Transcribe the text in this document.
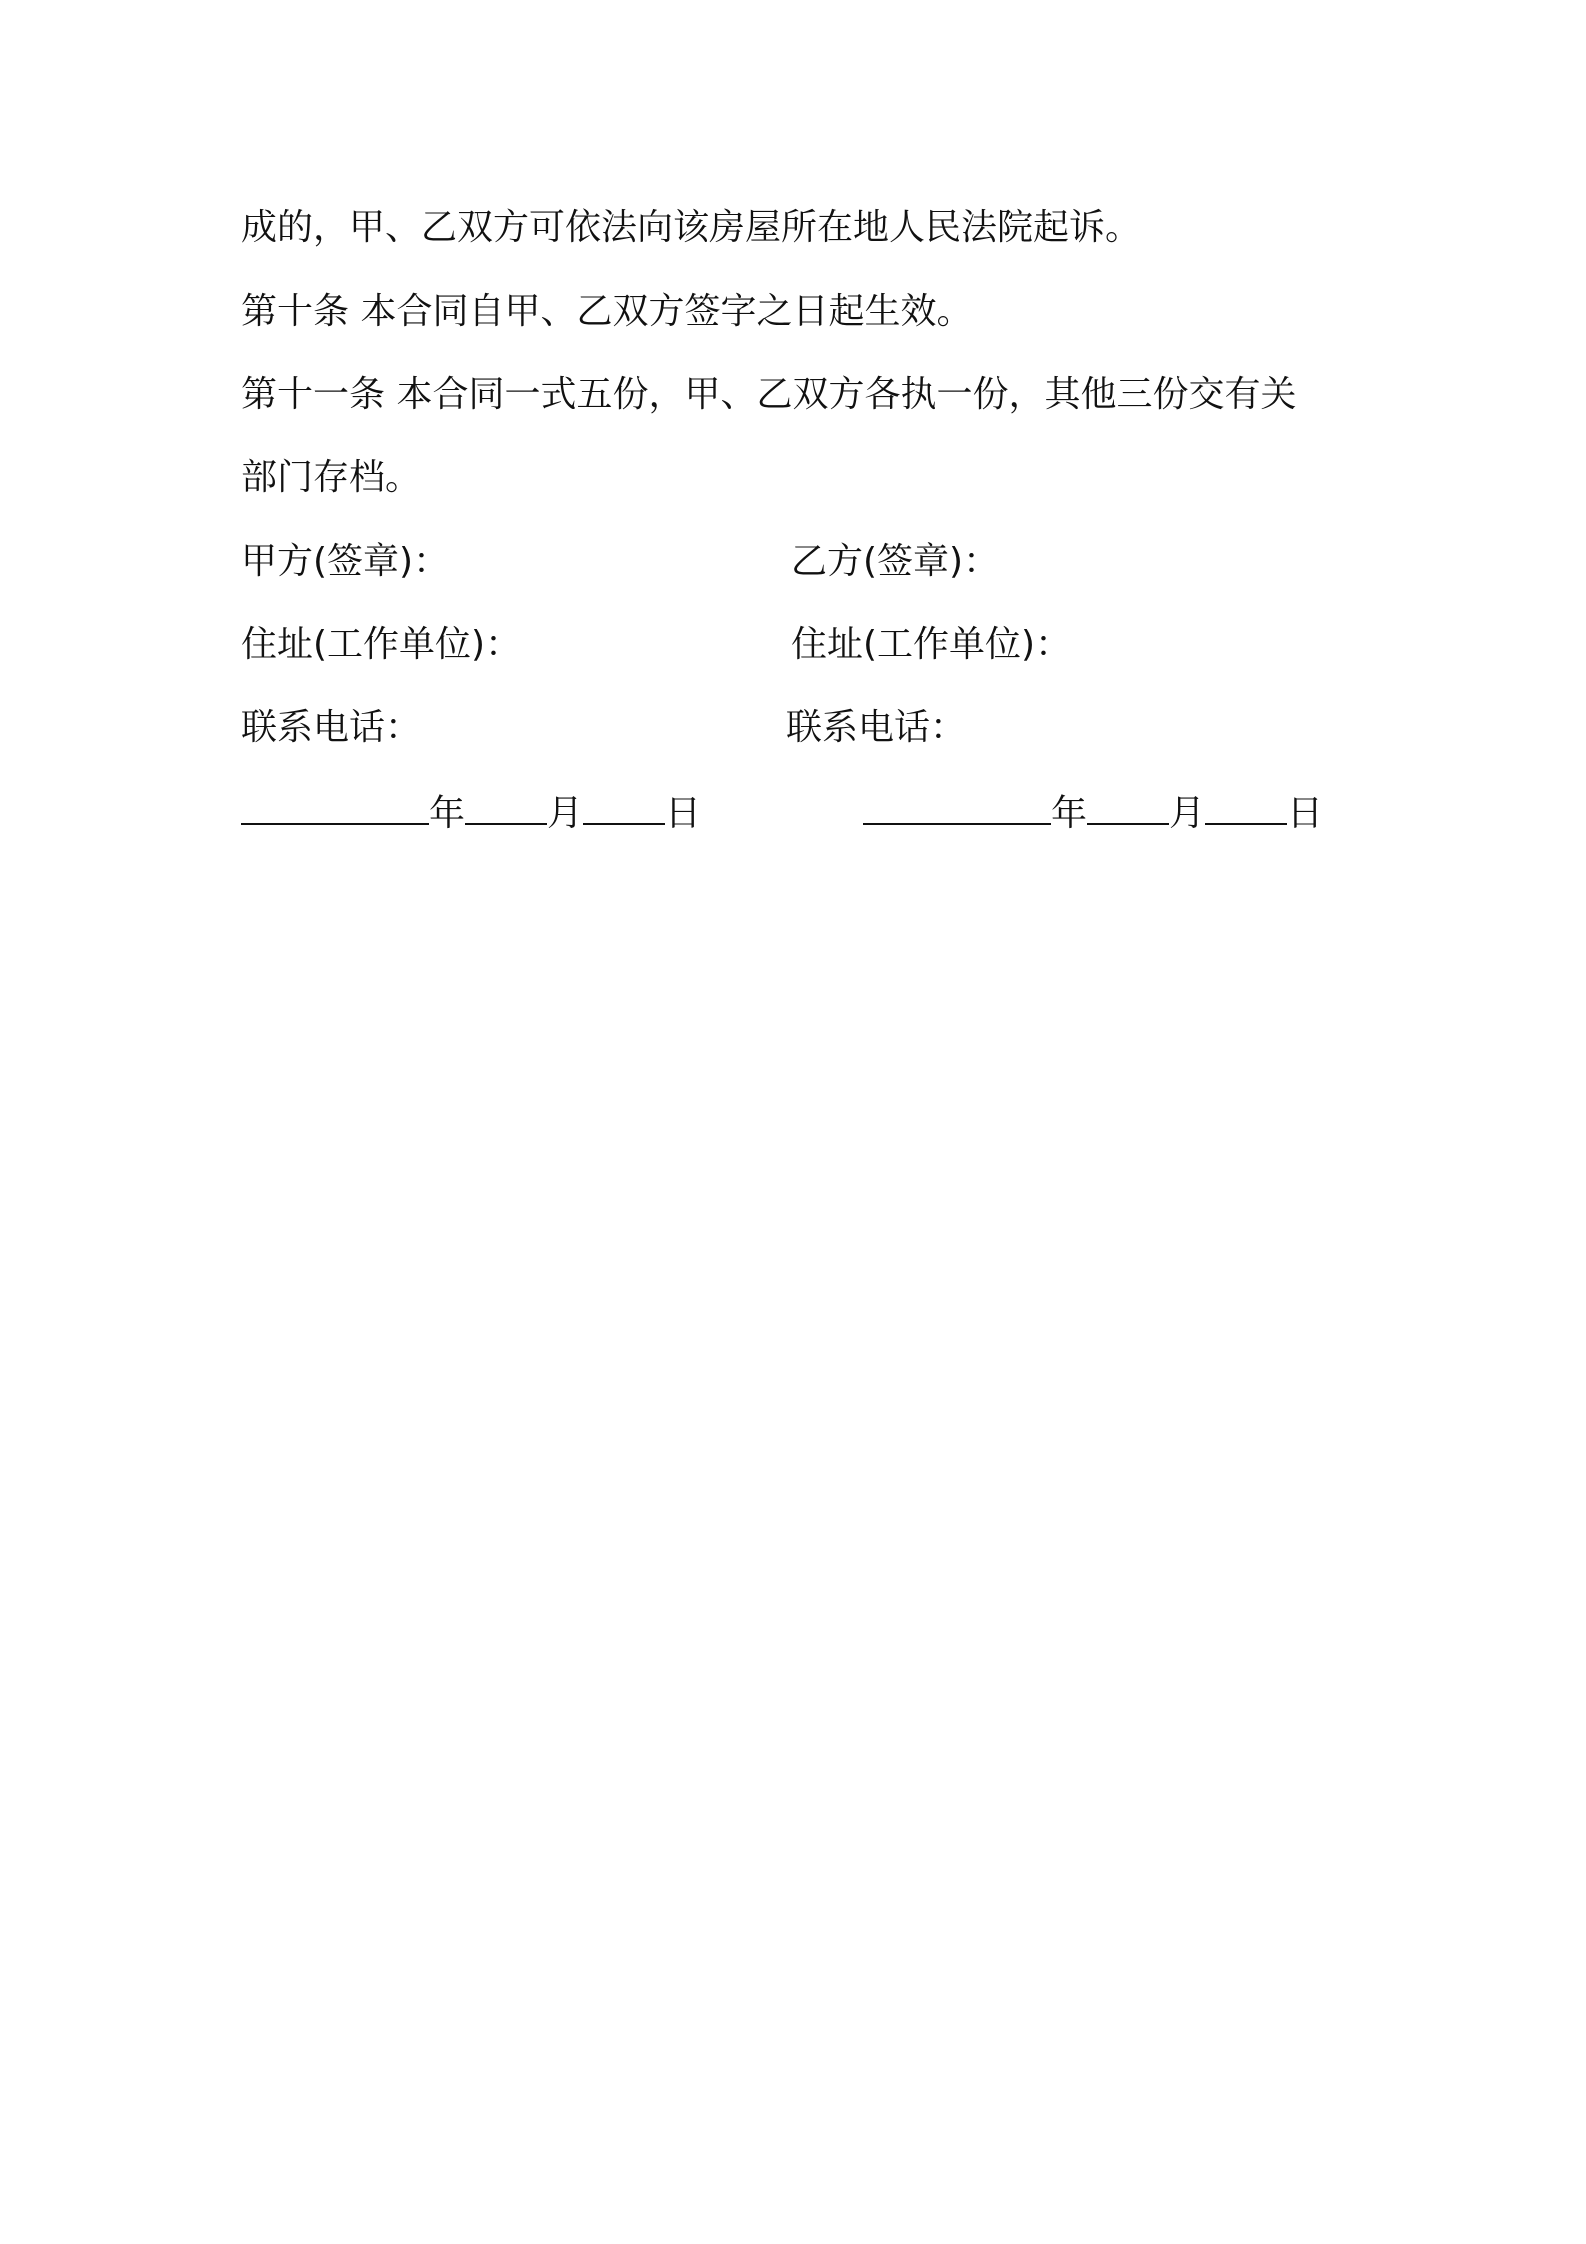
成的，甲、乙双方可依法向该房屋所在地人民法院起诉。
第十条 本合同自甲、乙双方签字之日起生效。
第十一条 本合同一式五份，甲、乙双方各执一份，其他三份交有关
部门存档。
甲方(签章)：	乙方(签章)：
住址(工作单位)：	住址(工作单位)：
联系电话：	联系电话：
年 月 日	年 月 日
